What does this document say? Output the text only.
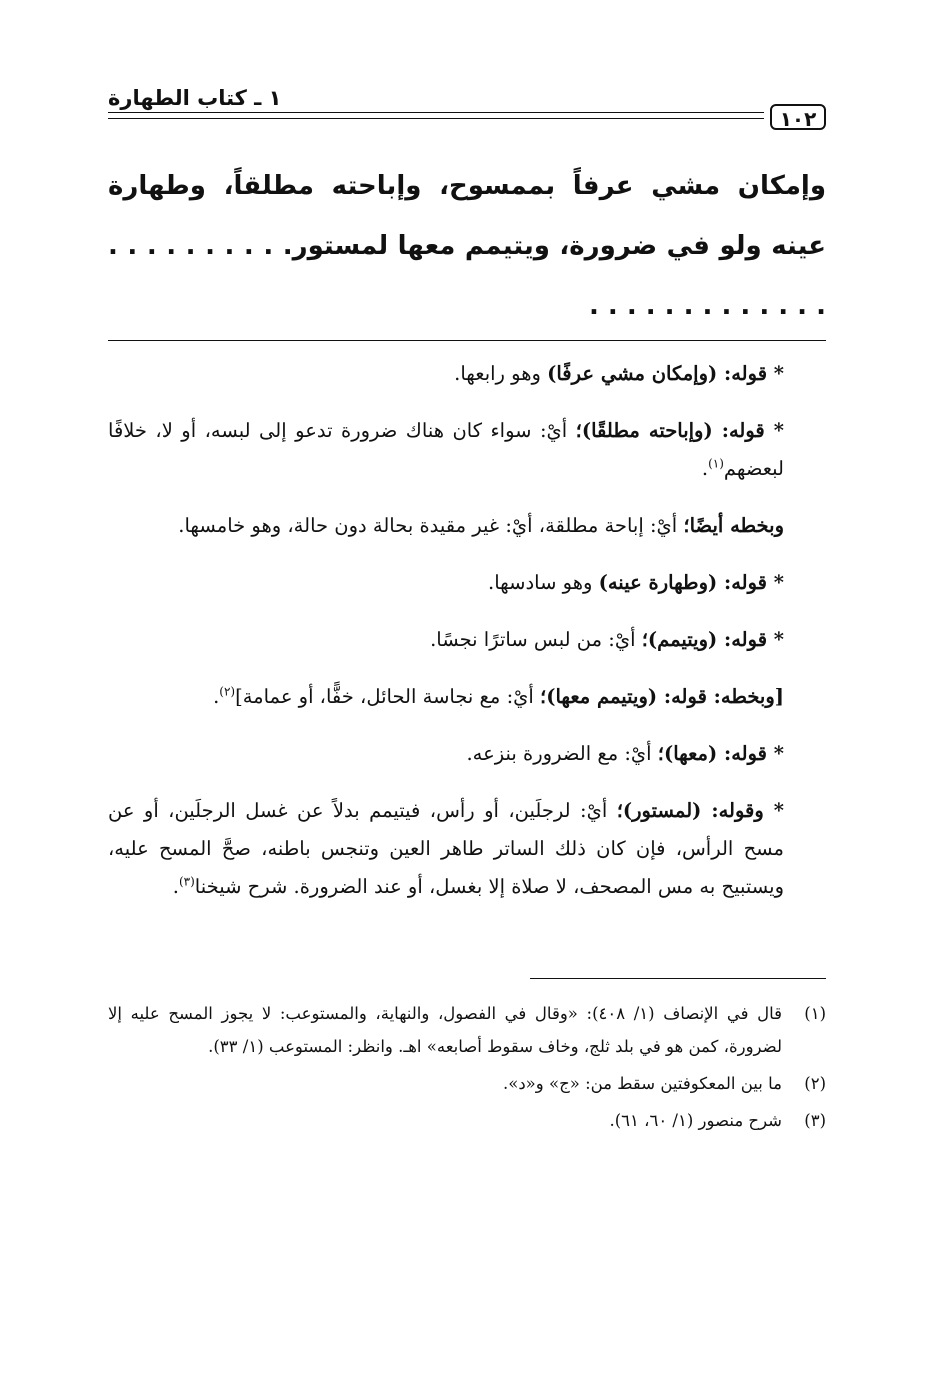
١٠٢
١ ـ كتاب الطهارة
وإمكان مشي عرفاً بممسوح، وإباحته مطلقاً، وطهارة عينه ولو في ضرورة، ويتيمم معها لمستور. . . . . . . . . . . . . . . . . . . . . . .

* قوله: (وإمكان مشي عرفًا) وهو رابعها.

* قوله: (وإباحته مطلقًا)؛ أيْ: سواء كان هناك ضرورة تدعو إلى لبسه، أو لا، خلافًا لبعضهم$^{(١)}$.

وبخطه أيضًا؛ أيْ: إباحة مطلقة، أيْ: غير مقيدة بحالة دون حالة، وهو خامسها.

* قوله: (وطهارة عينه) وهو سادسها.

* قوله: (ويتيمم)؛ أيْ: من لبس ساترًا نجسًا.

[وبخطه: قوله: (ويتيمم معها)؛ أيْ: مع نجاسة الحائل، خفًّا، أو عمامة]$^{(٢)}$.

* قوله: (معها)؛ أيْ: مع الضرورة بنزعه.

* وقوله: (لمستور)؛ أيْ: لرجلَين، أو رأس، فيتيمم بدلاً عن غسل الرجلَين، أو عن مسح الرأس، فإن كان ذلك الساتر طاهر العين وتنجس باطنه، صحَّ المسح عليه، ويستبيح به مس المصحف، لا صلاة إلا بغسل، أو عند الضرورة. شرح شيخنا$^{(٣)}$.

(١)
قال في الإنصاف (١/ ٤٠٨): «وقال في الفصول، والنهاية، والمستوعب: لا يجوز المسح عليه إلا لضرورة، كمن هو في بلد ثلج، وخاف سقوط أصابعه» اهـ. وانظر: المستوعب (١/ ٣٣).
(٢)
ما بين المعكوفتين سقط من: «ج» و«د».
(٣)
شرح منصور (١/ ٦٠، ٦١).
